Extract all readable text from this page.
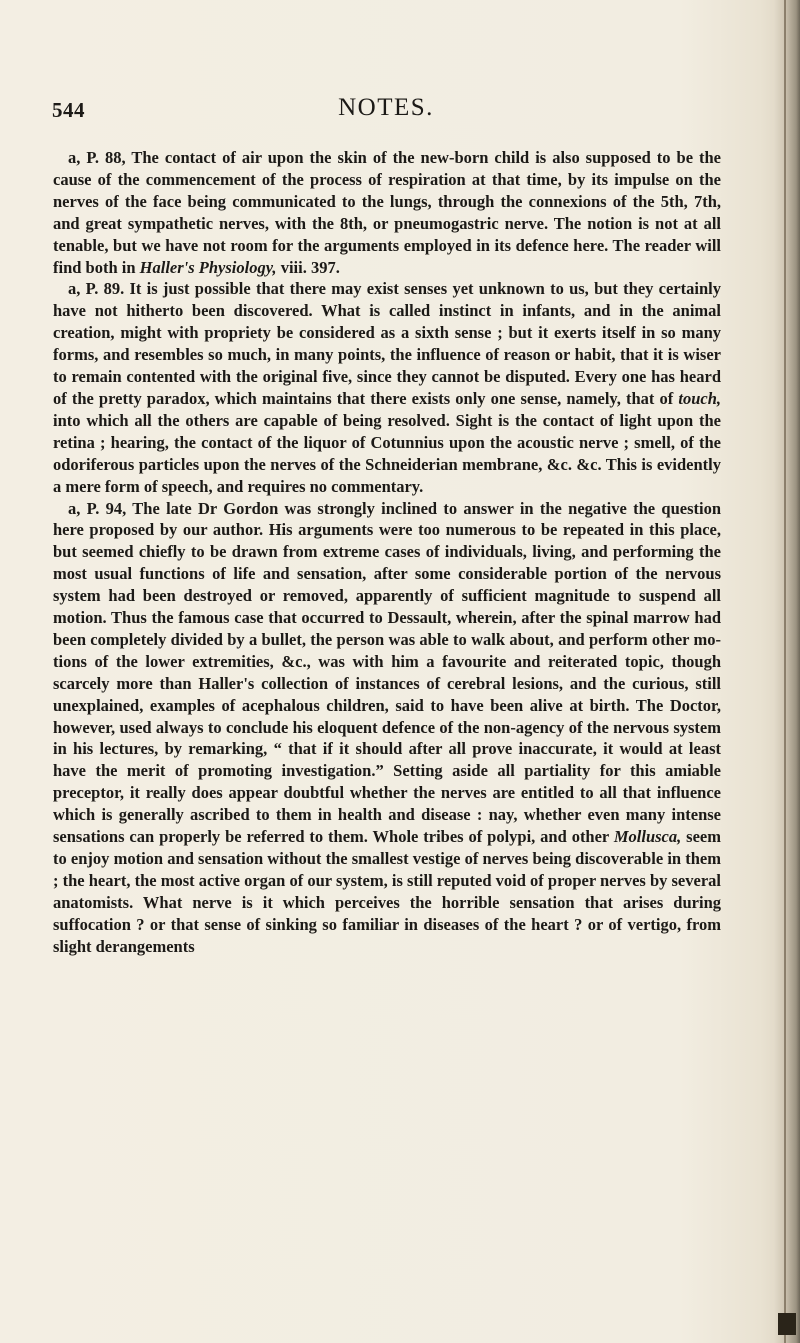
544	NOTES.

a, P. 88, The contact of air upon the skin of the new-born child is also supposed to be the cause of the commencement of the process of respiration at that time, by its impulse on the nerves of the face being communicated to the lungs, through the connexions of the 5th, 7th, and great sympathetic nerves, with the 8th, or pneumogastric nerve. The notion is not at all tenable, but we have not room for the arguments employed in its defence here. The reader will find both in Haller's Physiology, viii. 397.

a, P. 89. It is just possible that there may exist senses yet unknown to us, but they certainly have not hitherto been discovered. What is called instinct in infants, and in the animal creation, might with propriety be considered as a sixth sense ; but it exerts itself in so many forms, and resembles so much, in many points, the influence of reason or habit, that it is wiser to remain contented with the original five, since they cannot be disputed. Every one has heard of the pretty paradox, which maintains that there exists only one sense, namely, that of touch, into which all the others are capable of being resolved. Sight is the contact of light upon the retina ; hearing, the contact of the liquor of Cotunnius upon the acoustic nerve ; smell, of the odoriferous particles upon the nerves of the Schneiderian membrane, &c. &c. This is evidently a mere form of speech, and requires no commentary.

a, P. 94, The late Dr Gordon was strongly inclined to answer in the negative the question here proposed by our author. His arguments were too numerous to be repeated in this place, but seemed chiefly to be drawn from extreme cases of individuals, living, and performing the most usual functions of life and sensation, after some considerable portion of the nervous system had been destroyed or removed, apparently of sufficient magnitude to suspend all motion. Thus the famous case that occurred to Dessault, wherein, after the spinal marrow had been completely divided by a bullet, the person was able to walk about, and perform other motions of the lower extremities, &c., was with him a favourite and reiterated topic, though scarcely more than Haller's collection of instances of cerebral lesions, and the curious, still unexplained, examples of acephalous children, said to have been alive at birth. The Doctor, however, used always to conclude his eloquent defence of the non-agency of the nervous system in his lectures, by remarking, “ that if it should after all prove inaccurate, it would at least have the merit of promoting investigation.” Setting aside all partiality for this amiable preceptor, it really does appear doubtful whether the nerves are entitled to all that influence which is generally ascribed to them in health and disease : nay, whether even many intense sensations can properly be referred to them. Whole tribes of polypi, and other Mollusca, seem to enjoy motion and sensation without the smallest vestige of nerves being discoverable in them ; the heart, the most active organ of our system, is still reputed void of proper nerves by several anatomists. What nerve is it which perceives the horrible sensation that arises during suffocation ? or that sense of sinking so familiar in diseases of the heart ? or of vertigo, from slight derangements
